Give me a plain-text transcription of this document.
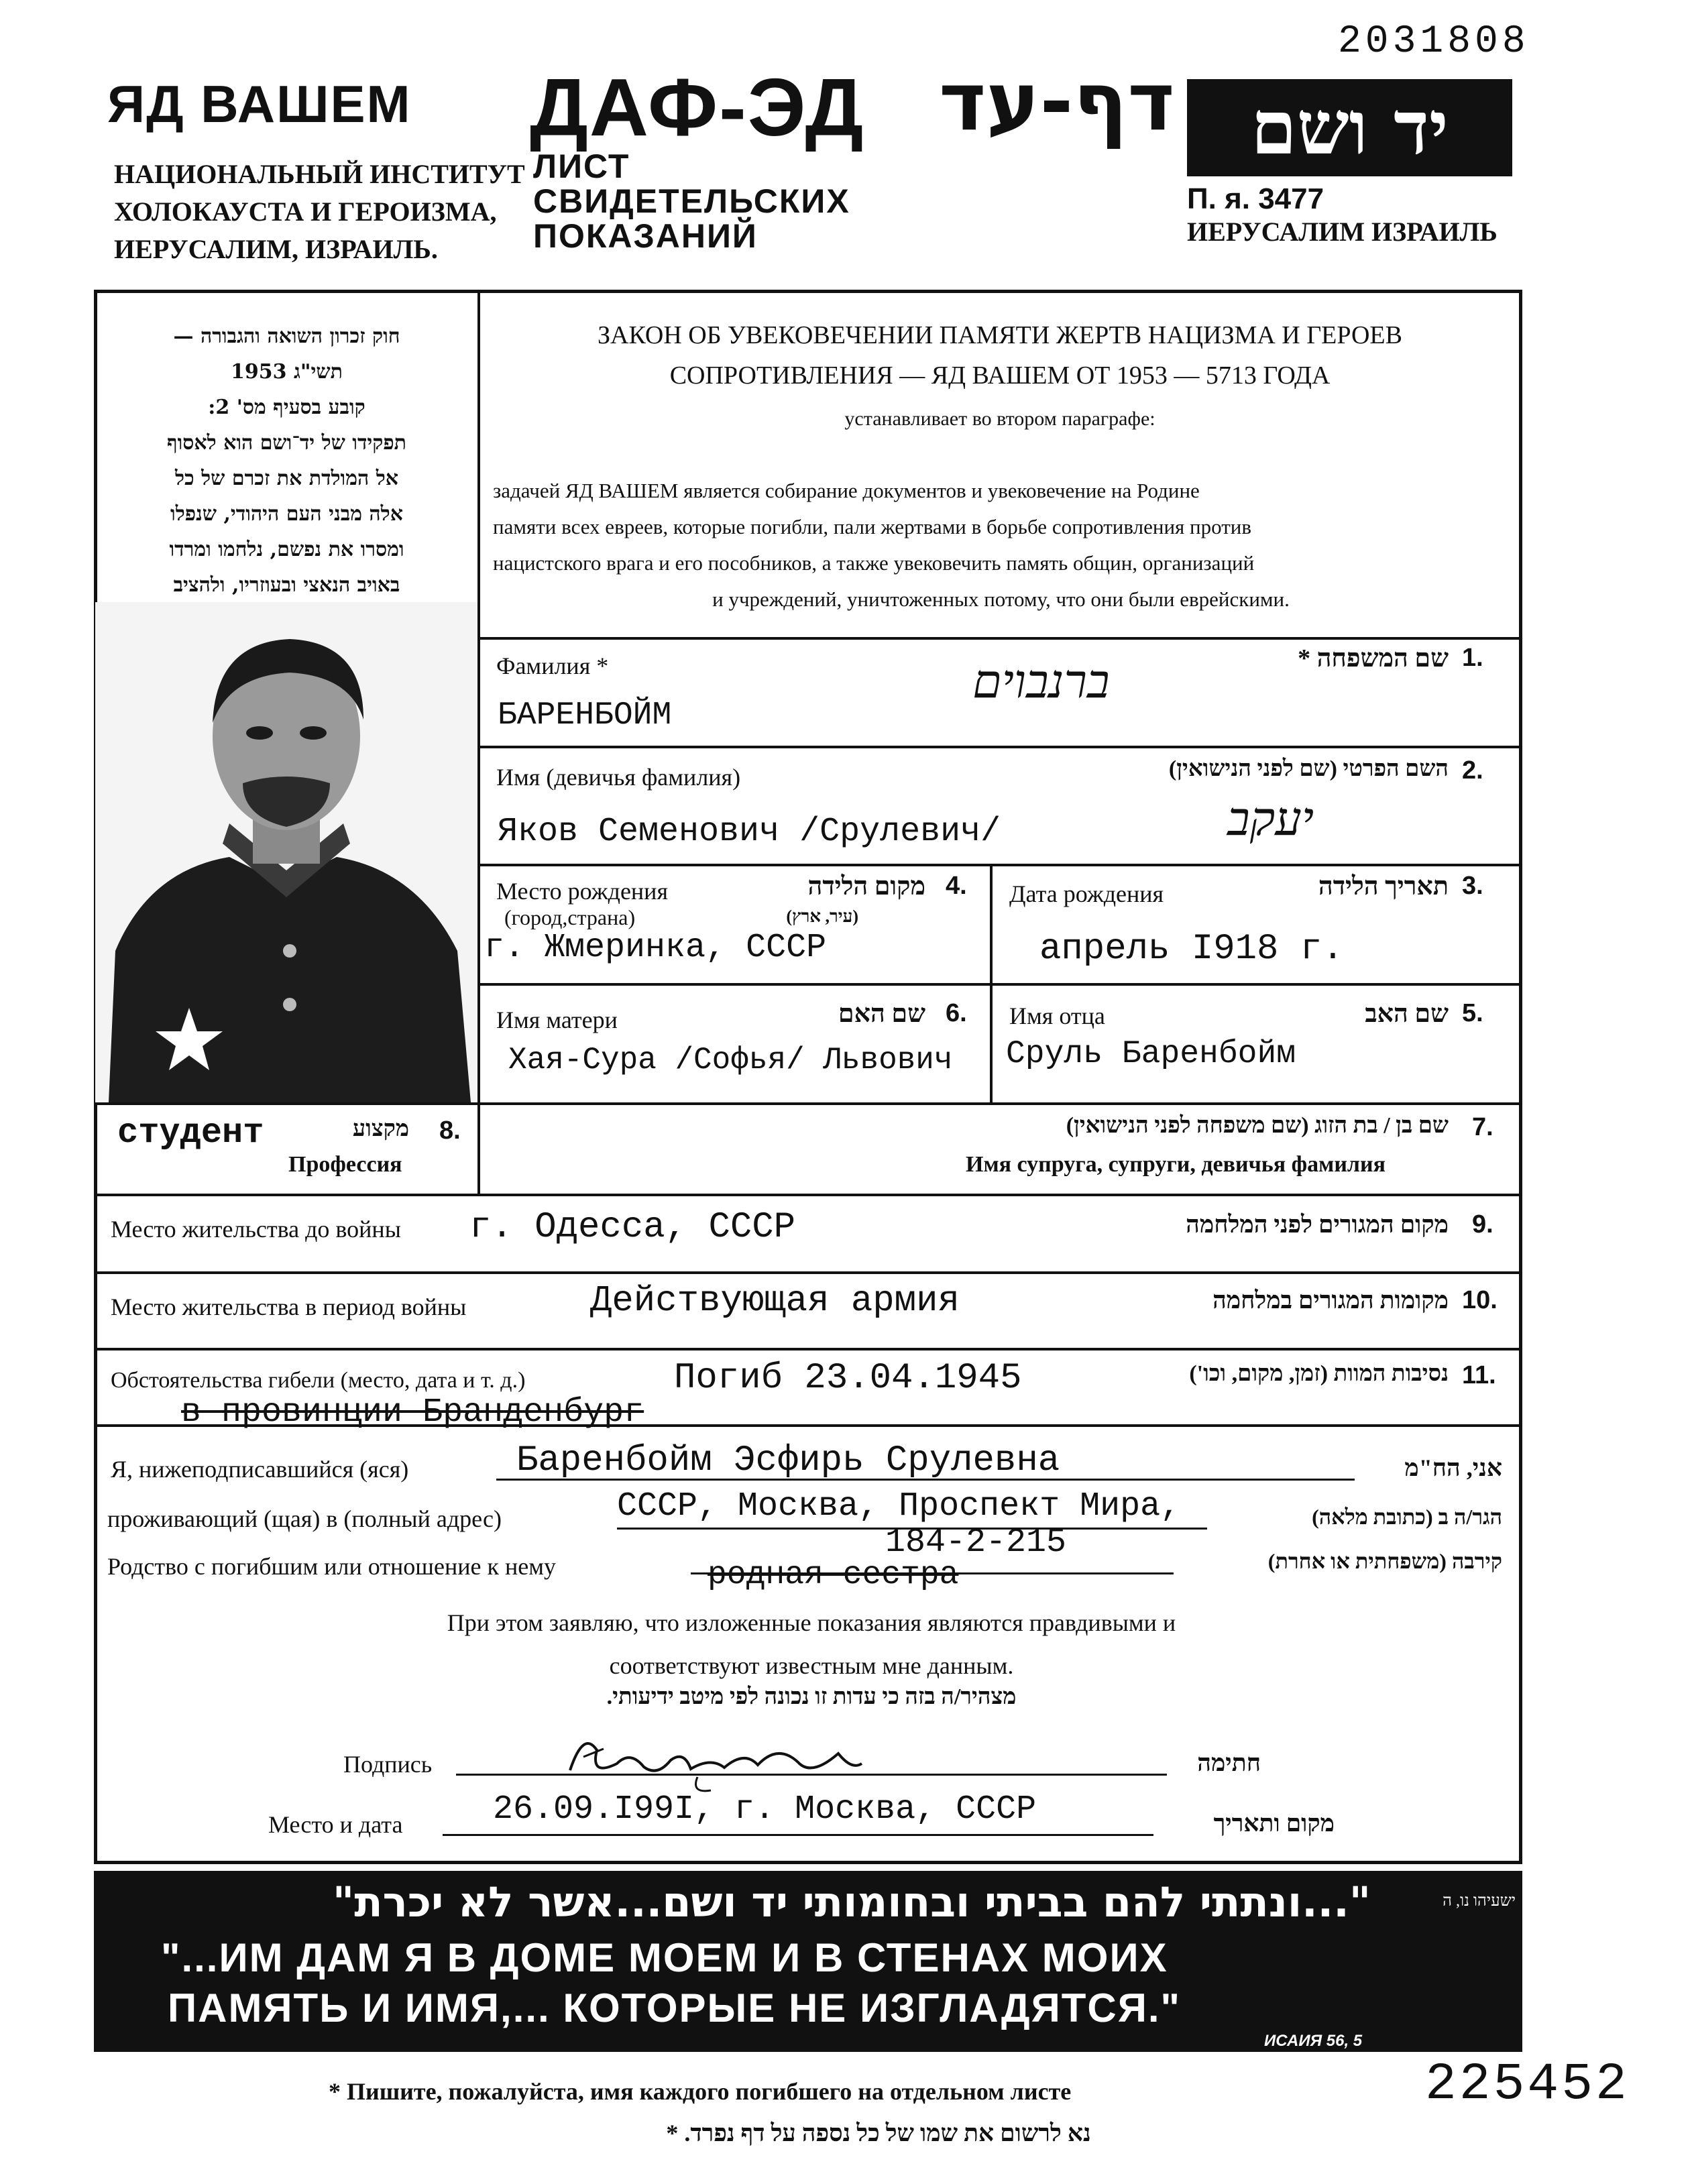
2031808
ЯД ВАШЕМ
НАЦИОНАЛЬНЫЙ ИНСТИТУТ
ХОЛОКАУСТА И ГЕРОИЗМА,
ИЕРУСАЛИМ, ИЗРАИЛЬ.
ДАФ-ЭД דף-עד
ЛИСТ
СВИДЕТЕЛЬСКИХ
ПОКАЗАНИЙ
יד ושם
П. я. 3477
ИЕРУСАЛИМ ИЗРАИЛЬ
חוק זכרון השואה והגבורה —
תשי"ג 1953
קובע בסעיף מס' 2:
תפקידו של יד־ושם הוא לאסוף
אל המולדת את זכרם של כל
אלה מבני העם היהודי, שנפלו
ומסרו את נפשם, נלחמו ומרדו
באויב הנאצי ובעוזריו, ולהציב
ЗАКОН ОБ УВЕКОВЕЧЕНИИ ПАМЯТИ ЖЕРТВ НАЦИЗМА И ГЕРОЕВ
СОПРОТИВЛЕНИЯ — ЯД ВАШЕМ ОТ 1953 — 5713 ГОДА
устанавливает во втором параграфе:
задачей ЯД ВАШЕМ является собирание документов и увековечение на Родине
памяти всех евреев, которые погибли, пали жертвами в борьбе сопротивления против
нацистского врага и его пособников, а также увековечить память общин, организаций
и учреждений, уничтоженных потому, что они были еврейскими.
Фамилия *	שם המשפחה * 1.
БАРЕНБОЙМ
ברנבוים
Имя (девичья фамилия)	השם הפרטי (שם לפני הנישואין) 2.
Яков Семенович /Срулевич/	יעקב
Место рождения
(город,страна)
מקום הלידה
(עיר, ארץ)
4.
г. Жмеринка, СССР
Дата рождения	תאריך הלידה 3.
апрель I918 г.
Имя матери	שם האם 6.
Хая-Сура /Софья/ Львович
Имя отца	שם האב 5.
Сруль Баренбойм
студент	מקצוע 8.
Профессия
שם בן / בת הזוג (שם משפחה לפני הנישואין) 7.
Имя супруга, супруги, девичья фамилия
Место жительства до войны г. Одесса, СССР	מקום המגורים לפני המלחמה 9.
Место жительства в период войны	Действующая армия	מקומות המגורים במלחמה 10.
Обстоятельства гибели (место, дата и т. д.)	Погиб 23.04.1945	נסיבות המוות (זמן, מקום, וכו') 11.
в провинции Бранденбург
Я, нижеподписавшийся (яся)	Баренбойм Эсфирь Срулевна	אני, הח"מ
проживающий (щая) в (полный адрес)	СССР, Москва, Проспект Мира,
184-2-215
הגר/ה ב (כתובת מלאה)
Родство с погибшим или отношение к нему	родная сестра	קירבה (משפחתית או אחרת)
При этом заявляю, что изложенные показания являются правдивыми и
соответствуют известным мне данным.
מצהיר/ה בזה כי עדות זו נכונה לפי מיטב ידיעותי.
Подпись	חתימה
Место и дата	26.09.I99I, г. Москва, СССР	מקום ותאריך
"...ונתתי להם בביתי ובחומותי יד ושם...אשר לא יכרת"	ישעיהו נו, ה
"...ИМ ДАМ Я В ДОМЕ МОЕМ И В СТЕНАХ МОИХ
ПАМЯТЬ И ИМЯ,... КОТОРЫЕ НЕ ИЗГЛАДЯТСЯ."
ИСАИЯ 56, 5
225452
* Пишите, пожалуйста, имя каждого погибшего на отдельном листе
נא לרשום את שמו של כל נספה על דף נפרד. *
